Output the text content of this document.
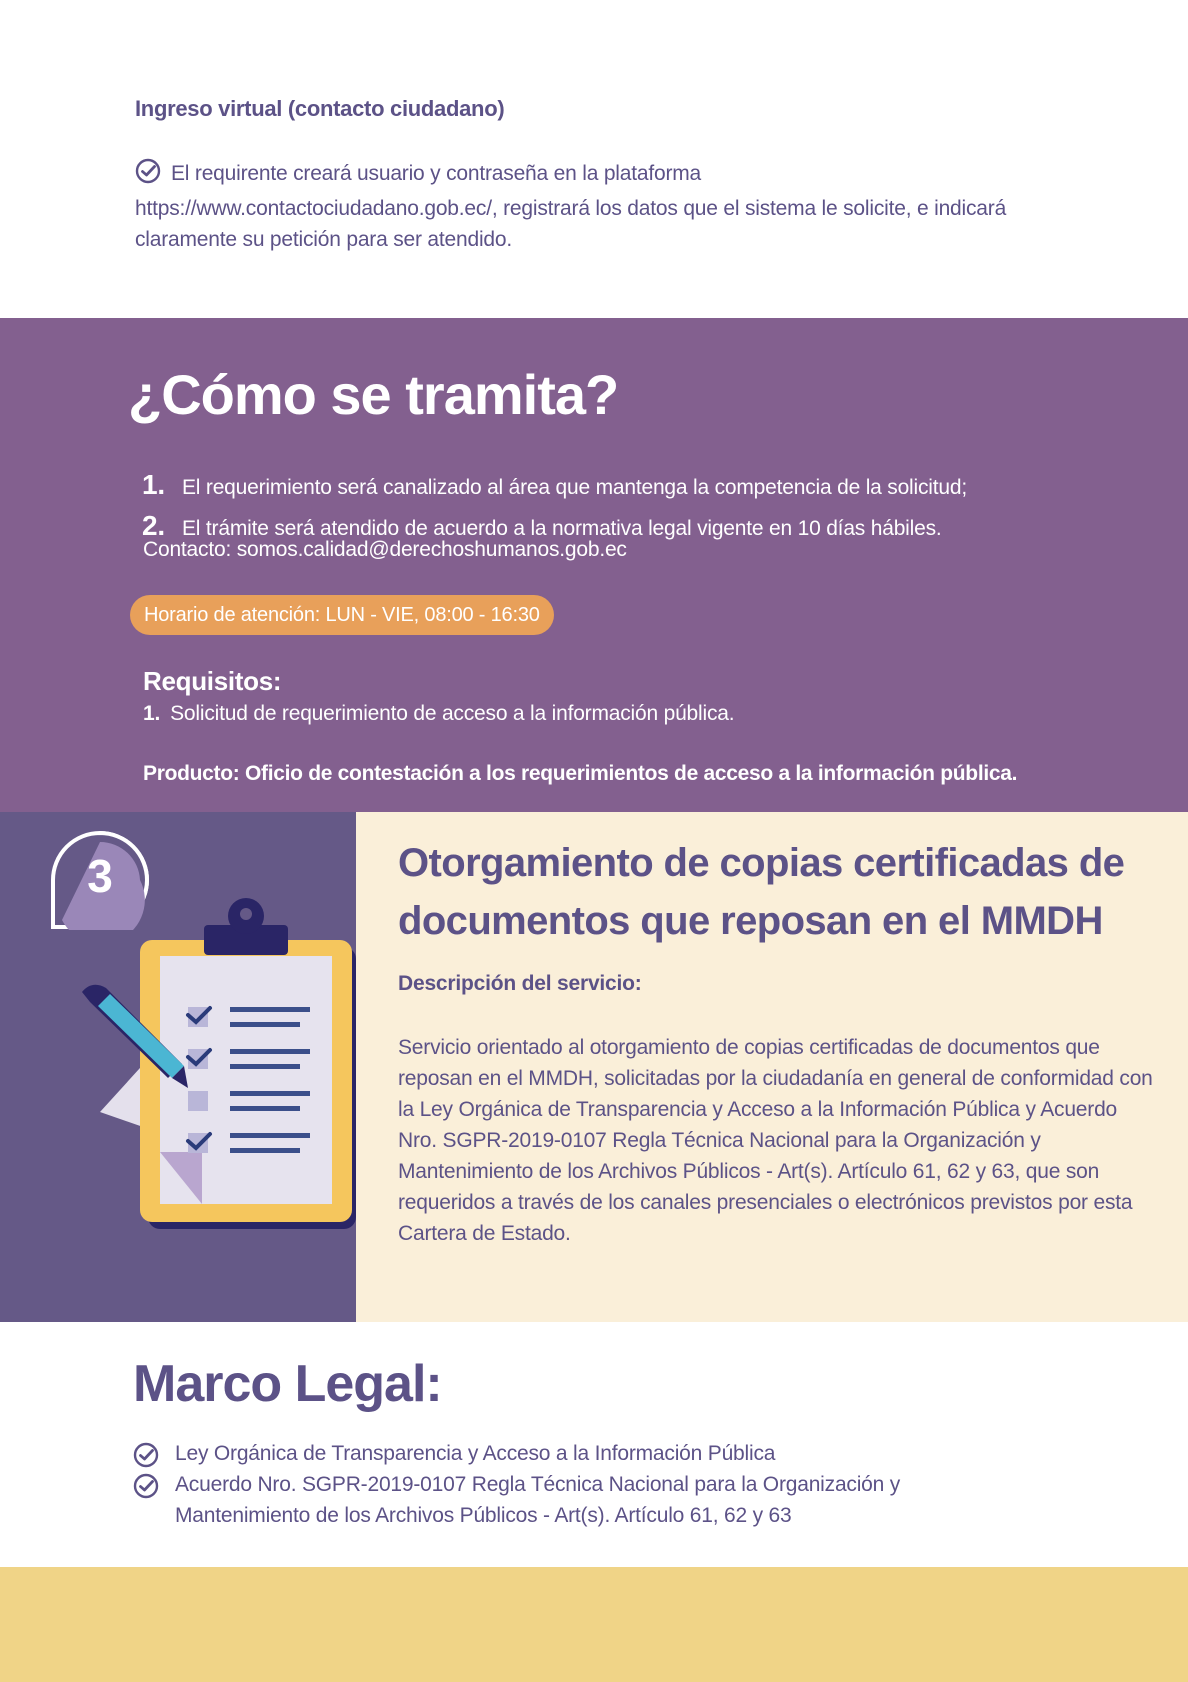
Ingreso virtual (contacto ciudadano)
El requirente creará usuario y contraseña en la plataforma https://www.contactociudadano.gob.ec/, registrará los datos que el sistema le solicite, e indicará claramente su petición para ser atendido.
¿Cómo se tramita?
1. El requerimiento será canalizado al área que mantenga la competencia de la solicitud;
2. El trámite será atendido de acuerdo a la normativa legal vigente en 10 días hábiles.
Contacto: somos.calidad@derechoshumanos.gob.ec
Horario de atención: LUN - VIE, 08:00 - 16:30
Requisitos:
1. Solicitud de requerimiento de acceso a la información pública.
Producto: Oficio de contestación a los requerimientos de acceso a la información pública.
3	Otorgamiento de copias certificadas de documentos que reposan en el MMDH
Descripción del servicio:
Servicio orientado al otorgamiento de copias certificadas de documentos que reposan en el MMDH, solicitadas por la ciudadanía en general de conformidad con la Ley Orgánica de Transparencia y Acceso a la Información Pública y Acuerdo Nro. SGPR-2019-0107 Regla Técnica Nacional para la Organización y Mantenimiento de los Archivos Públicos - Art(s). Artículo 61, 62 y 63, que son requeridos a través de los canales presenciales o electrónicos previstos por esta Cartera de Estado.
Marco Legal:
Ley Orgánica de Transparencia y Acceso a la Información Pública
Acuerdo Nro. SGPR-2019-0107 Regla Técnica Nacional para la Organización y Mantenimiento de los Archivos Públicos - Art(s). Artículo 61, 62 y 63
